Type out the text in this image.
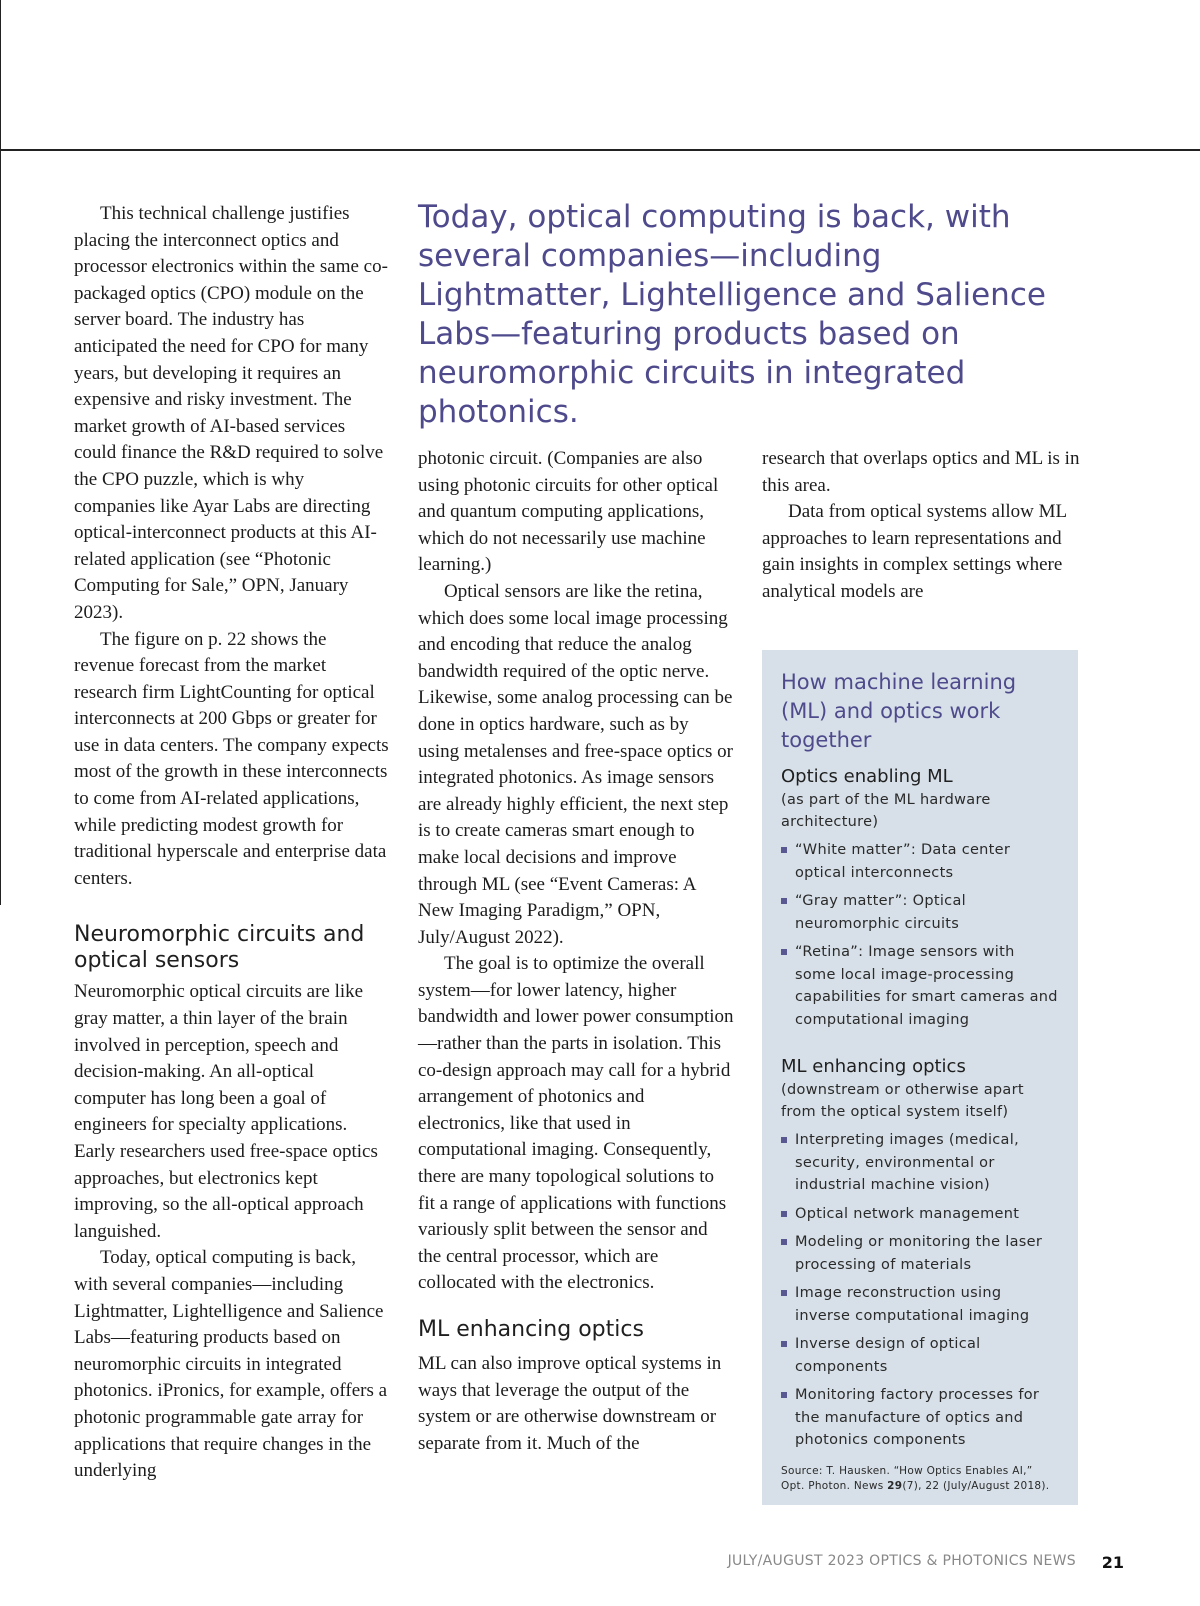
Today, optical computing is back, with several companies—including Lightmatter, Lightelligence and Salience Labs—featuring products based on neuromorphic circuits in integrated photonics.

This technical challenge justifies placing the interconnect optics and processor electronics within the same co-packaged optics (CPO) module on the server board. The industry has anticipated the need for CPO for many years, but developing it requires an expensive and risky investment. The market growth of AI-based services could finance the R&D required to solve the CPO puzzle, which is why companies like Ayar Labs are directing optical-interconnect products at this AI-related application (see “Photonic Computing for Sale,” OPN, January 2023).

The figure on p. 22 shows the revenue forecast from the market research firm LightCounting for optical interconnects at 200 Gbps or greater for use in data centers. The company expects most of the growth in these interconnects to come from AI-related applications, while predicting modest growth for traditional hyperscale and enterprise data centers.

Neuromorphic circuits and optical sensors

Neuromorphic optical circuits are like gray matter, a thin layer of the brain involved in perception, speech and decision-making. An all-optical computer has long been a goal of engineers for specialty applications. Early researchers used free-space optics approaches, but electronics kept improving, so the all-optical approach languished.

Today, optical computing is back, with several companies—including Lightmatter, Lightelligence and Salience Labs—featuring products based on neuromorphic circuits in integrated photonics. iPronics, for example, offers a photonic programmable gate array for applications that require changes in the underlying

photonic circuit. (Companies are also using photonic circuits for other optical and quantum computing applications, which do not necessarily use machine learning.)

Optical sensors are like the retina, which does some local image processing and encoding that reduce the analog bandwidth required of the optic nerve. Likewise, some analog processing can be done in optics hardware, such as by using metalenses and free-space optics or integrated photonics. As image sensors are already highly efficient, the next step is to create cameras smart enough to make local decisions and improve through ML (see “Event Cameras: A New Imaging Paradigm,” OPN, July/August 2022).

The goal is to optimize the overall system—for lower latency, higher bandwidth and lower power consumption—rather than the parts in isolation. This co-design approach may call for a hybrid arrangement of photonics and electronics, like that used in computational imaging. Consequently, there are many topological solutions to fit a range of applications with functions variously split between the sensor and the central processor, which are collocated with the electronics.

ML enhancing optics

ML can also improve optical systems in ways that leverage the output of the system or are otherwise downstream or separate from it. Much of the

research that overlaps optics and ML is in this area.

Data from optical systems allow ML approaches to learn representations and gain insights in complex settings where analytical models are

How machine learning (ML) and optics work together
Optics enabling ML

(as part of the ML hardware architecture)

“White matter”: Data center optical interconnects
“Gray matter”: Optical neuromorphic circuits
“Retina”: Image sensors with some local image-processing capabilities for smart cameras and computational imaging
ML enhancing optics

(downstream or otherwise apart from the optical system itself)

Interpreting images (medical, security, environmental or industrial machine vision)
Optical network management
Modeling or monitoring the laser processing of materials
Image reconstruction using inverse computational imaging
Inverse design of optical components
Monitoring factory processes for the manufacture of optics and photonics components

Source: T. Hausken. “How Optics Enables AI,” Opt. Photon. News 29(7), 22 (July/August 2018).

JULY/AUGUST 2023 OPTICS & PHOTONICS NEWS 21
